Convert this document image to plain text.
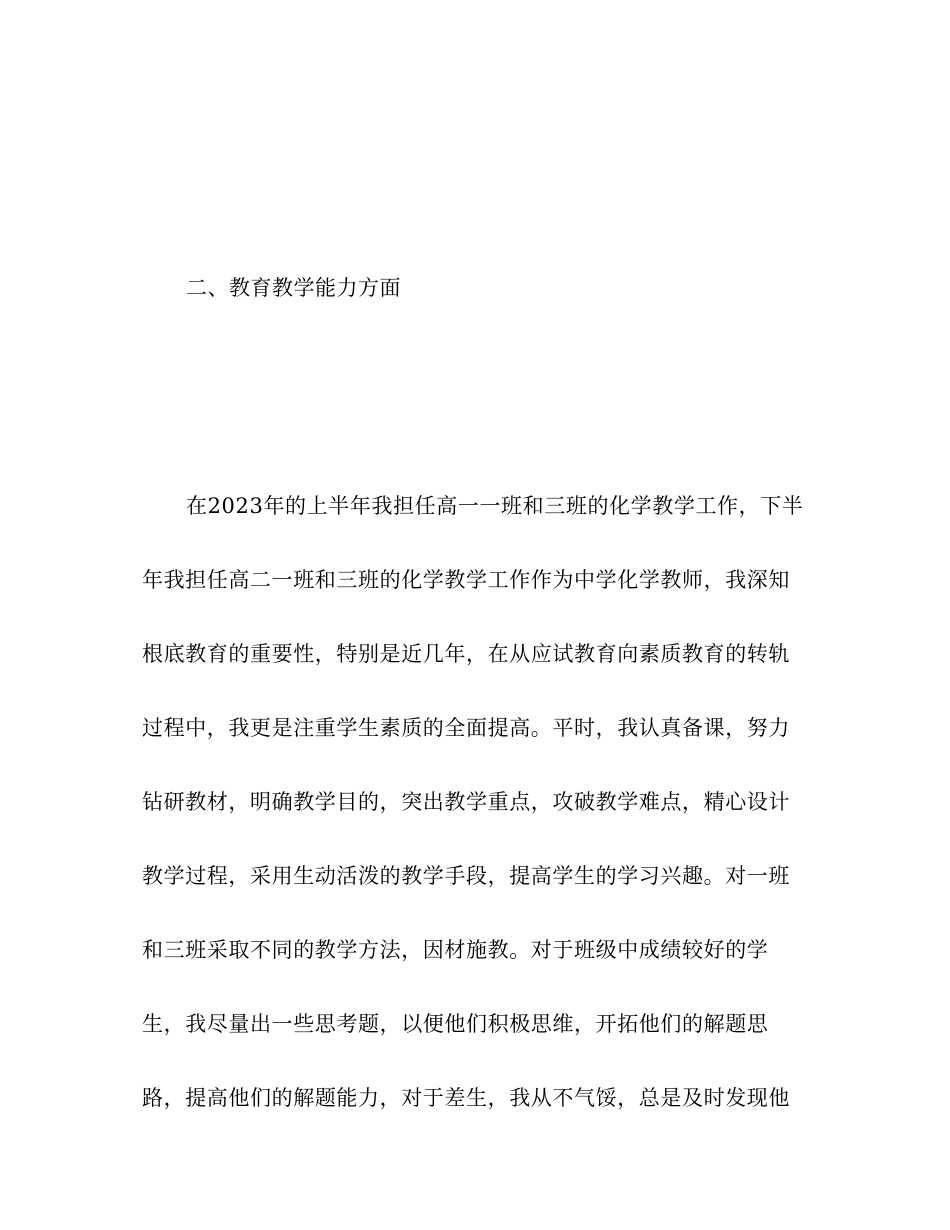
二、教育教学能力方面
在2023年的上半年我担任高一一班和三班的化学教学工作，下半
年我担任高二一班和三班的化学教学工作作为中学化学教师，我深知
根底教育的重要性，特别是近几年，在从应试教育向素质教育的转轨
过程中，我更是注重学生素质的全面提高。平时，我认真备课，努力
钻研教材，明确教学目的，突出教学重点，攻破教学难点，精心设计
教学过程，采用生动活泼的教学手段，提高学生的学习兴趣。对一班
和三班采取不同的教学方法，因材施教。对于班级中成绩较好的学
生，我尽量出一些思考题，以便他们积极思维，开拓他们的解题思
路，提高他们的解题能力，对于差生，我从不气馁，总是及时发现他
